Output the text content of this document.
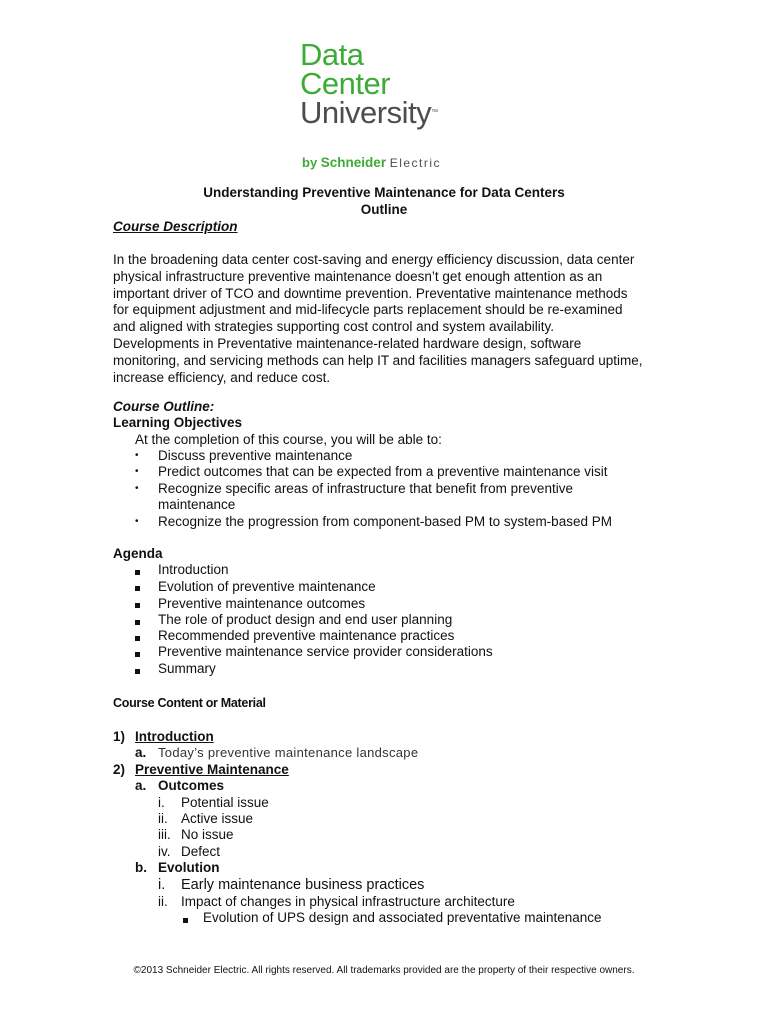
Data
Center
University™
by Schneider Electric
Understanding Preventive Maintenance for Data Centers
Outline
Course Description
In the broadening data center cost-saving and energy efficiency discussion, data center
physical infrastructure preventive maintenance doesn’t get enough attention as an
important driver of TCO and downtime prevention. Preventative maintenance methods
for equipment adjustment and mid-lifecycle parts replacement should be re-examined
and aligned with strategies supporting cost control and system availability.
Developments in Preventative maintenance-related hardware design, software
monitoring, and servicing methods can help IT and facilities managers safeguard uptime,
increase efficiency, and reduce cost.
Course Outline:
Learning Objectives
At the completion of this course, you will be able to:
• Discuss preventive maintenance
• Predict outcomes that can be expected from a preventive maintenance visit
• Recognize specific areas of infrastructure that benefit from preventive
maintenance
• Recognize the progression from component-based PM to system-based PM
Agenda
Introduction
Evolution of preventive maintenance
Preventive maintenance outcomes
The role of product design and end user planning
Recommended preventive maintenance practices
Preventive maintenance service provider considerations
Summary
Course Content or Material
1) Introduction
a. Today’s preventive maintenance landscape
2) Preventive Maintenance
a. Outcomes
i. Potential issue
ii. Active issue
iii. No issue
iv. Defect
b. Evolution
i. Early maintenance business practices
ii. Impact of changes in physical infrastructure architecture
Evolution of UPS design and associated preventative maintenance
©2013 Schneider Electric. All rights reserved. All trademarks provided are the property of their respective owners.
